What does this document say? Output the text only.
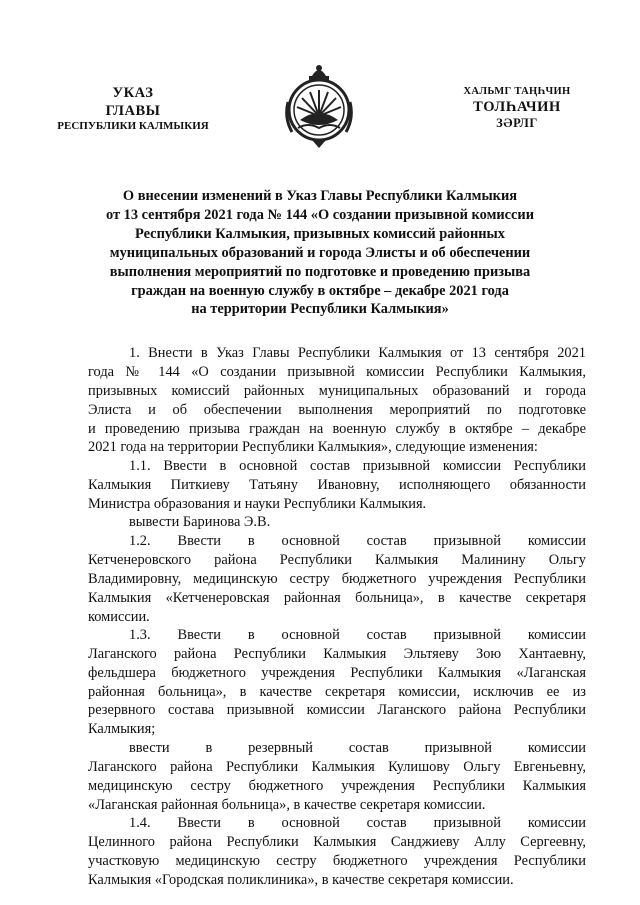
УКАЗ
ГЛАВЫ
РЕСПУБЛИКИ КАЛМЫКИЯ
ХАЛЬМГ ТАҢҺЧИН
ТОЛҺАЧИН
ЗӘРЛГ
О внесении изменений в Указ Главы Республики Калмыкия
от 13 сентября 2021 года № 144 «О создании призывной комиссии
Республики Калмыкия, призывных комиссий районных
муниципальных образований и города Элисты и об обеспечении
выполнения мероприятий по подготовке и проведению призыва
граждан на военную службу в октябре – декабре 2021 года
на территории Республики Калмыкия»
1. Внести в Указ Главы Республики Калмыкия от 13 сентября 2021
года № 144 «О создании призывной комиссии Республики Калмыкия,
призывных комиссий районных муниципальных образований и города
Элиста и об обеспечении выполнения мероприятий по подготовке
и проведению призыва граждан на военную службу в октябре – декабре
2021 года на территории Республики Калмыкия», следующие изменения:
1.1. Ввести в основной состав призывной комиссии Республики
Калмыкия Питкиеву Татьяну Ивановну, исполняющего обязанности
Министра образования и науки Республики Калмыкия.
вывести Баринова Э.В.
1.2. Ввести в основной состав призывной комиссии
Кетченеровского района Республики Калмыкия Малинину Ольгу
Владимировну, медицинскую сестру бюджетного учреждения Республики
Калмыкия «Кетченеровская районная больница», в качестве секретаря
комиссии.
1.3. Ввести в основной состав призывной комиссии
Лаганского района Республики Калмыкия Эльтяеву Зою Хантаевну,
фельдшера бюджетного учреждения Республики Калмыкия «Лаганская
районная больница», в качестве секретаря комиссии, исключив ее из
резервного состава призывной комиссии Лаганского района Республики
Калмыкия;
ввести в резервный состав призывной комиссии
Лаганского района Республики Калмыкия Кулишову Ольгу Евгеньевну,
медицинскую сестру бюджетного учреждения Республики Калмыкия
«Лаганская районная больница», в качестве секретаря комиссии.
1.4. Ввести в основной состав призывной комиссии
Целинного района Республики Калмыкия Санджиеву Аллу Сергеевну,
участковую медицинскую сестру бюджетного учреждения Республики
Калмыкия «Городская поликлиника», в качестве секретаря комиссии.
